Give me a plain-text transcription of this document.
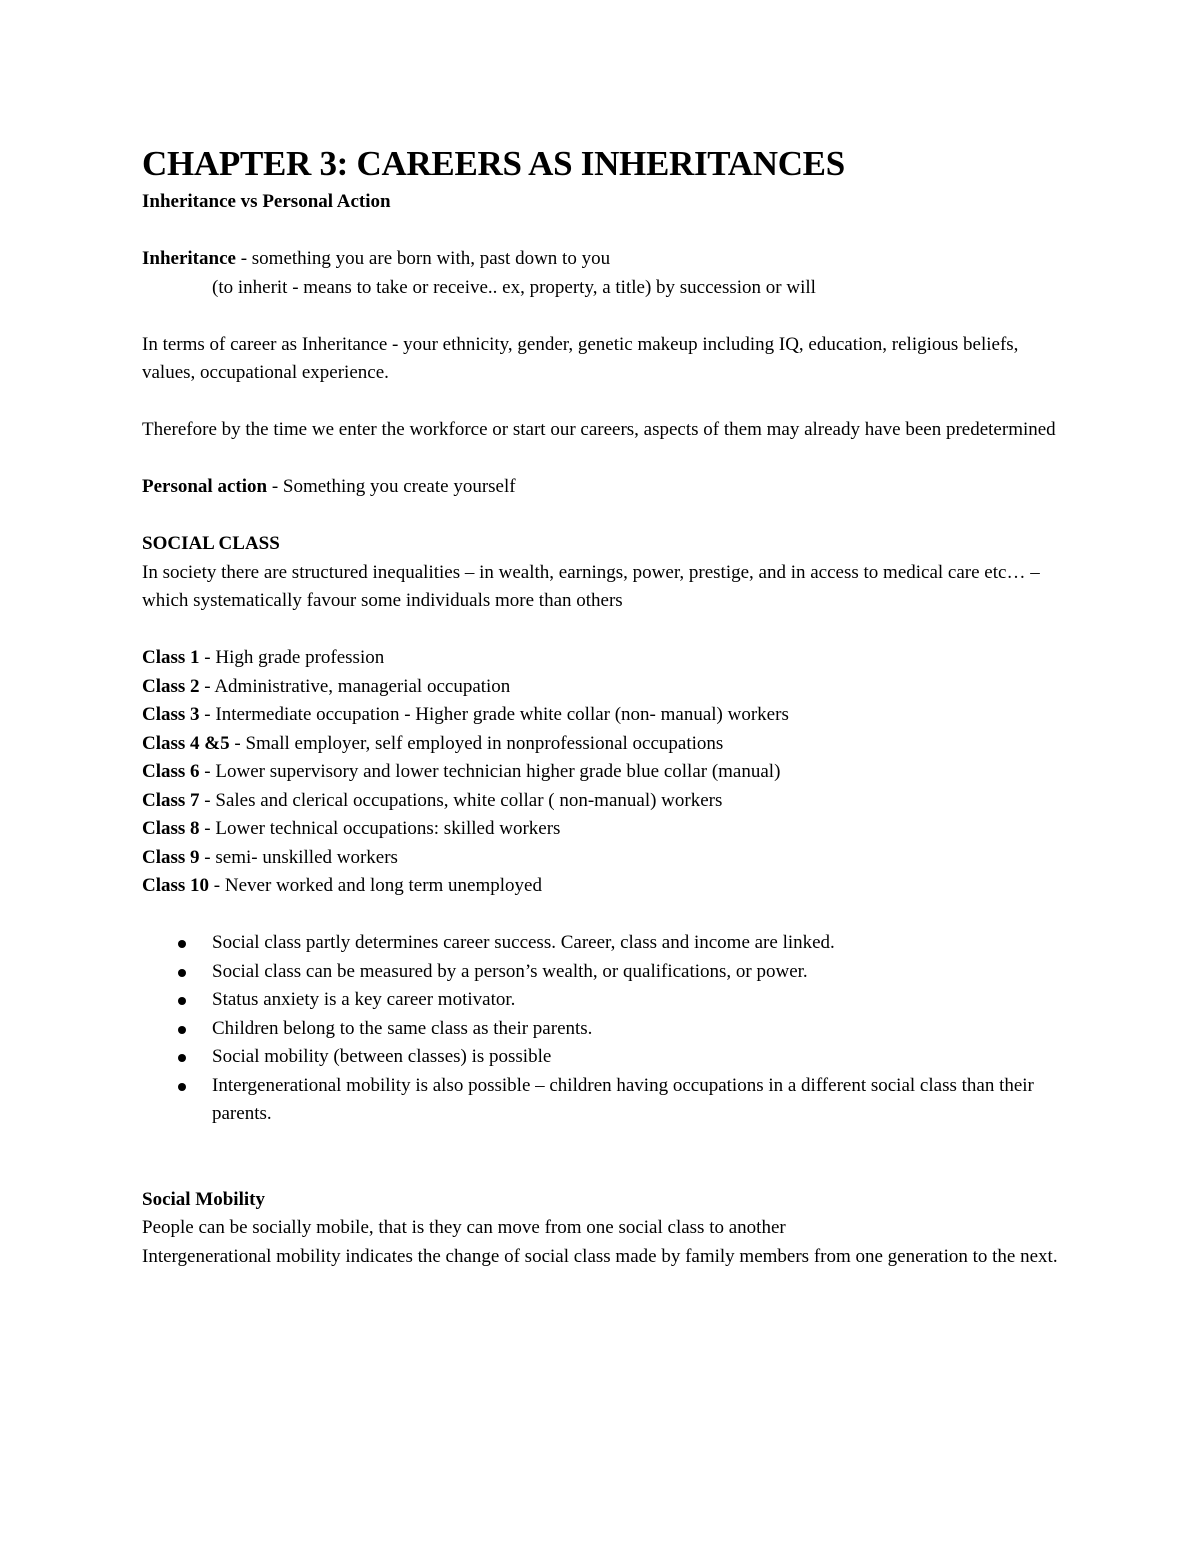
CHAPTER 3: CAREERS AS INHERITANCES

Inheritance vs Personal Action

Inheritance - something you are born with, past down to you

(to inherit - means to take or receive.. ex, property, a title) by succession or will

In terms of career as Inheritance - your ethnicity, gender, genetic makeup including IQ, education, religious beliefs, values, occupational experience.

Therefore by the time we enter the workforce or start our careers, aspects of them may already have been predetermined

Personal action - Something you create yourself

SOCIAL CLASS

In society there are structured inequalities – in wealth, earnings, power, prestige, and in access to medical care etc… – which systematically favour some individuals more than others

Class 1 - High grade profession

Class 2 - Administrative, managerial occupation

Class 3 - Intermediate occupation - Higher grade white collar (non- manual) workers

Class 4 &5 - Small employer, self employed in nonprofessional occupations

Class 6 - Lower supervisory and lower technician higher grade blue collar (manual)

Class 7 - Sales and clerical occupations, white collar ( non-manual) workers

Class 8 - Lower technical occupations: skilled workers

Class 9 - semi- unskilled workers

Class 10 - Never worked and long term unemployed

Social class partly determines career success. Career, class and income are linked.
Social class can be measured by a person’s wealth, or qualifications, or power.
Status anxiety is a key career motivator.
Children belong to the same class as their parents.
Social mobility (between classes) is possible
Intergenerational mobility is also possible – children having occupations in a different social class than their parents.

Social Mobility

People can be socially mobile, that is they can move from one social class to another

Intergenerational mobility indicates the change of social class made by family members from one generation to the next.
